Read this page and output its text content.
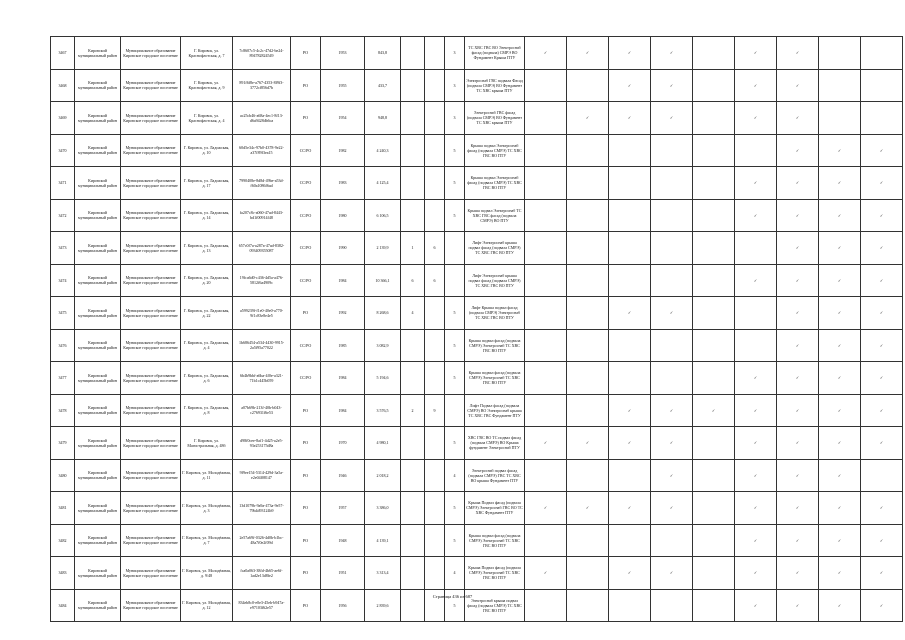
3467	Кировский муниципальный район	Муниципальное образование Кировское городское поселение	Г. Кировск, ул. Краснофлотская, д. 7	7c8607c5-4c2c-47d2-be24-894782824549	РО	1953	843,8			3	ТС ХВС ГВС ВО Электроснаб фасад (подвала) СМРЭ ВО Фундамент Крыша ПТУ	✓	✓	✓	✓		✓	✓		
3468	Кировский муниципальный район	Муниципальное образование Кировское городское поселение	Г. Кировск, ул. Краснофлотская, д. 9	891f6f8e-a767-4353-8f9f3-3772cf856d7b	РО	1955	433,7			3	Электроснаб ГВС подвала Фасад (подвала СМРЭ) ВО Фундамент ТС ХВС крыша ПТУ			✓	✓		✓	✓		
3469	Кировский муниципальный район	Муниципальное образование Кировское городское поселение	Г. Кировск, ул. Краснофлотская, д. 4	ac25cb46-a68a-4ec1-8f13-d6a9428db6ca	РО	1954	948,8			3	Электроснаб ГВС фасад (подвала СМРЭ) ВО Фундамент ТС ХВС крыша ПТУ		✓	✓	✓		✓	✓		
3470	Кировский муниципальный район	Муниципальное образование Кировское городское поселение	Г. Кировск, ул. Ладожская, д. 10	60d5e34c-97b0-4378-9e22-a37f89f3ea15	СС/РО	1982	4 240,3			5	Крыша подвал Электроснаб фасад (подвала СМРЭ) ТС ХВС ГВС ВО ПТУ							✓	✓	✓
3471	Кировский муниципальный район	Муниципальное образование Кировское городское поселение	Г. Кировск, ул. Ладожская, д. 17	7990408e-8d8d-49be-a53d-f60a1086f6ad	СС/РО	1983	4 125,4			5	Крыша подвал Электроснаб фасад (подвала СМРЭ) ТС ХВС ГВС ВО ПТУ						✓	✓	✓	✓
3472	Кировский муниципальный район	Муниципальное образование Кировское городское поселение	Г. Кировск, ул. Ладожская, д. 14	fa207c8c-a060-47ad-8443-bd1f00914f48	СС/РО	1980	6 106,5			5	Крыша подвал Электроснаб ТС ХВС ГВС фасад (подвала СМРЭ) ВО ПТУ						✓	✓	✓	✓
3473	Кировский муниципальный район	Муниципальное образование Кировское городское поселение	Г. Кировск, ул. Ладожская, д. 13	657c0f7a-a287a-47ad-8382-093409355087	СС/РО	1990	2 139,9	1	6		Лифт Электроснаб крыша подвал фасад (подвала СМРЭ) ТС ХВС ГВС ВО ПТУ							✓	✓	✓
3474	Кировский муниципальный район	Муниципальное образование Кировское городское поселение	Г. Кировск, ул. Ладожская, д. 20	19fca6d0-c436-4d5a-a476-5812f6a4909c	СС/РО	1984	10 366,1	6	6		Лифт Электроснаб крыша подвал фасад (подвала СМРЭ) ТС ХВС ГВС ВО ПТУ						✓	✓	✓	✓
3475	Кировский муниципальный район	Муниципальное образование Кировское городское поселение	Г. Кировск, ул. Ладожская, д. 22	a599239f-f1e0-40e0-a770-9f1c83e8e4e5	РО	1992	8 268,6	4		5	Лифт Крыша подвал фасад (подвала СМРЭ) Электроснаб ТС ХВС ГВС ВО ПТУ			✓	✓			✓	✓	✓
3476	Кировский муниципальный район	Муниципальное образование Кировское городское поселение	Г. Кировск, ул. Ладожская, д. 4	1b686454-a534-4430-9915-2a5f95a77022	СС/РО	1985	3 082,9			5	Крыша подвал фасад (подвала СМРЭ) Электроснаб ТС ХВС ГВС ВО ПТУ							✓	✓	✓
3477	Кировский муниципальный район	Муниципальное образование Кировское городское поселение	Г. Кировск, ул. Ладожская, д. 6	6b4b9bbf-a6ba-4f0e-a321-71b1c445b059	СС/РО	1984	5 194,6			5	Крыша подвал фасад (подвала СМРЭ) Электроснаб ТС ХВС ГВС ВО ПТУ						✓	✓	✓	✓
3478	Кировский муниципальный район	Муниципальное образование Кировское городское поселение	Г. Кировск, ул. Ладожская, д. 8	a07b69b-213f-40b-b043-c276931f6e53	РО	1984	3 576,5	2	9		Лифт Подвал фасад (подвала СМРЭ) ВО Электроснаб крыша ТС ХВС ГВС Фундамент ПТУ			✓	✓	✓	✓	✓	✓	✓
3479	Кировский муниципальный район	Муниципальное образование Кировское городское поселение	Г. Кировск, ул. Магистральная, д. 48б	d98f0cee-8af1-4d25-a2e5-93e253175d8a	РО	1970	4 980,1			5	ХВС ГВС ВО ТС подвал фасад (подвала СМРЭ) ВО Крыша фундамент Электроснаб ПТУ	✓	✓	✓	✓		✓	✓	✓	✓
3480	Кировский муниципальный район	Муниципальное образование Кировское городское поселение	Г. Кировск, ул. Молодёжная, д. 11	9f9ee154-5314-429d-3a5a-e2e04f08147	РО	1946	2 018,2			4	Электроснаб подвал фасад (подвала СМРЭ) ГВС ТС ХВС ВО крыша Фундамент ПТУ				✓		✓	✓	✓	
3481	Кировский муниципальный район	Муниципальное образование Кировское городское поселение	Г. Кировск, ул. Молодёжная, д. 3	13d1079b-9a9a-473a-9e57-79b4d93124b9	РО	1957	3 386,0			5	Крыша Подвал фасад (подвала СМРЭ) Электроснаб ГВС ВО ТС ХВС Фундамент ПТУ	✓	✓	✓	✓		✓	✓	✓	✓
3482	Кировский муниципальный район	Муниципальное образование Кировское городское поселение	Г. Кировск, ул. Молодёжная, д. 7	2e57a69f-0326-4d0b-b1bc-48a7f0e2f09d	РО	1948	4 139,1			5	Крыша подвал фасад (подвала СМРЭ) Электроснаб ТС ХВС ГВС ВО ПТУ						✓	✓	✓	✓
3483	Кировский муниципальный район	Муниципальное образование Кировское городское поселение	Г. Кировск, ул. Молодёжная, д. 9/48	fca0a063-38fd-4b65-ae6f-1ad2e13d8fe2	РО	1951	3 313,4			4	Крыша Подвал фасад (подвала СМРЭ) Электроснаб ТС ХВС ГВС ВО ПТУ	✓		✓	✓		✓	✓	✓	✓
3484	Кировский муниципальный район	Муниципальное образование Кировское городское поселение	Г. Кировск, ул. Молодёжная, д. 12	834eb8c0-e0e3-45eb-b947a-e97103f62e57	РО	1956	2 839,6			5	Электроснаб крыша подвал фасад (подвала СМРЭ) ТС ХВС ГВС ВО ПТУ						✓	✓	✓	✓
Страница 436 из 687
